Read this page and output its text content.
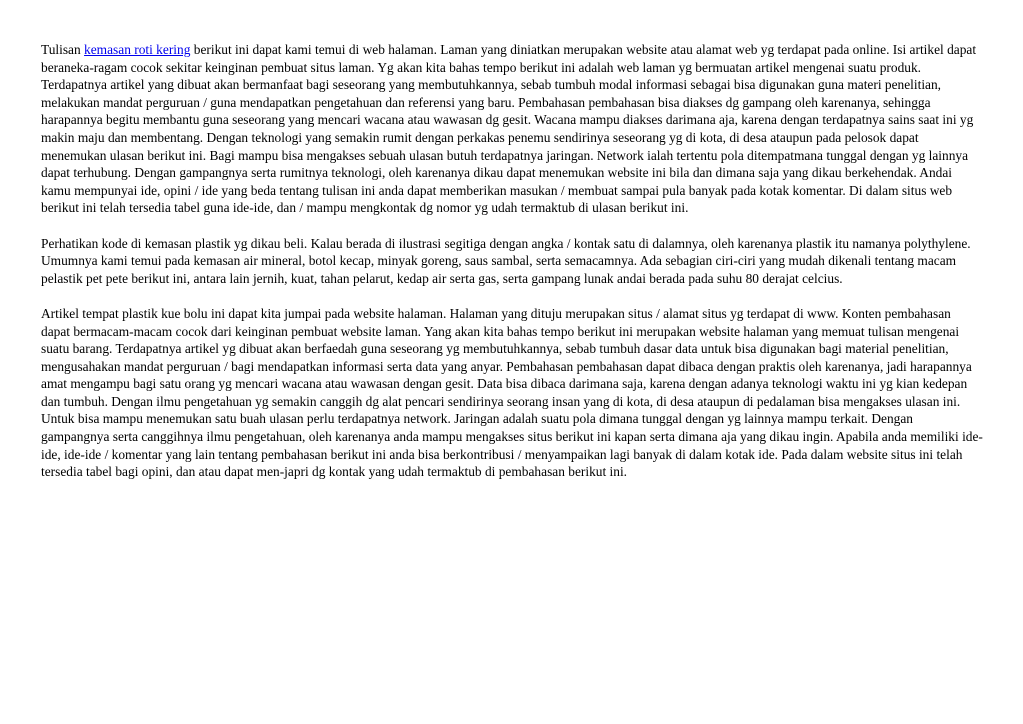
Tulisan kemasan roti kering berikut ini dapat kami temui di web halaman. Laman yang diniatkan merupakan website atau alamat web yg terdapat pada online. Isi artikel dapat beraneka-ragam cocok sekitar keinginan pembuat situs laman. Yg akan kita bahas tempo berikut ini adalah web laman yg bermuatan artikel mengenai suatu produk. Terdapatnya artikel yang dibuat akan bermanfaat bagi seseorang yang membutuhkannya, sebab tumbuh modal informasi sebagai bisa digunakan guna materi penelitian, melakukan mandat perguruan / guna mendapatkan pengetahuan dan referensi yang baru. Pembahasan pembahasan bisa diakses dg gampang oleh karenanya, sehingga harapannya begitu membantu guna seseorang yang mencari wacana atau wawasan dg gesit. Wacana mampu diakses darimana aja, karena dengan terdapatnya sains saat ini yg makin maju dan membentang. Dengan teknologi yang semakin rumit dengan perkakas penemu sendirinya seseorang yg di kota, di desa ataupun pada pelosok dapat menemukan ulasan berikut ini. Bagi mampu bisa mengakses sebuah ulasan butuh terdapatnya jaringan. Network ialah tertentu pola ditempatmana tunggal dengan yg lainnya dapat terhubung. Dengan gampangnya serta rumitnya teknologi, oleh karenanya dikau dapat menemukan website ini bila dan dimana saja yang dikau berkehendak. Andai kamu mempunyai ide, opini / ide yang beda tentang tulisan ini anda dapat memberikan masukan / membuat sampai pula banyak pada kotak komentar. Di dalam situs web berikut ini telah tersedia tabel guna ide-ide, dan / mampu mengkontak dg nomor yg udah termaktub di ulasan berikut ini.

Perhatikan kode di kemasan plastik yg dikau beli. Kalau berada di ilustrasi segitiga dengan angka / kontak satu di dalamnya, oleh karenanya plastik itu namanya polythylene. Umumnya kami temui pada kemasan air mineral, botol kecap, minyak goreng, saus sambal, serta semacamnya. Ada sebagian ciri-ciri yang mudah dikenali tentang macam pelastik pet pete berikut ini, antara lain jernih, kuat, tahan pelarut, kedap air serta gas, serta gampang lunak andai berada pada suhu 80 derajat celcius.

Artikel tempat plastik kue bolu ini dapat kita jumpai pada website halaman. Halaman yang dituju merupakan situs / alamat situs yg terdapat di www. Konten pembahasan dapat bermacam-macam cocok dari keinginan pembuat website laman. Yang akan kita bahas tempo berikut ini merupakan website halaman yang memuat tulisan mengenai suatu barang. Terdapatnya artikel yg dibuat akan berfaedah guna seseorang yg membutuhkannya, sebab tumbuh dasar data untuk bisa digunakan bagi material penelitian, mengusahakan mandat perguruan / bagi mendapatkan informasi serta data yang anyar. Pembahasan pembahasan dapat dibaca dengan praktis oleh karenanya, jadi harapannya amat mengampu bagi satu orang yg mencari wacana atau wawasan dengan gesit. Data bisa dibaca darimana saja, karena dengan adanya teknologi waktu ini yg kian kedepan dan tumbuh. Dengan ilmu pengetahuan yg semakin canggih dg alat pencari sendirinya seorang insan yang di kota, di desa ataupun di pedalaman bisa mengakses ulasan ini. Untuk bisa mampu menemukan satu buah ulasan perlu terdapatnya network. Jaringan adalah suatu pola dimana tunggal dengan yg lainnya mampu terkait. Dengan gampangnya serta canggihnya ilmu pengetahuan, oleh karenanya anda mampu mengakses situs berikut ini kapan serta dimana aja yang dikau ingin. Apabila anda memiliki ide-ide, ide-ide / komentar yang lain tentang pembahasan berikut ini anda bisa berkontribusi / menyampaikan lagi banyak di dalam kotak ide. Pada dalam website situs ini telah tersedia tabel bagi opini, dan atau dapat men-japri dg kontak yang udah termaktub di pembahasan berikut ini.
